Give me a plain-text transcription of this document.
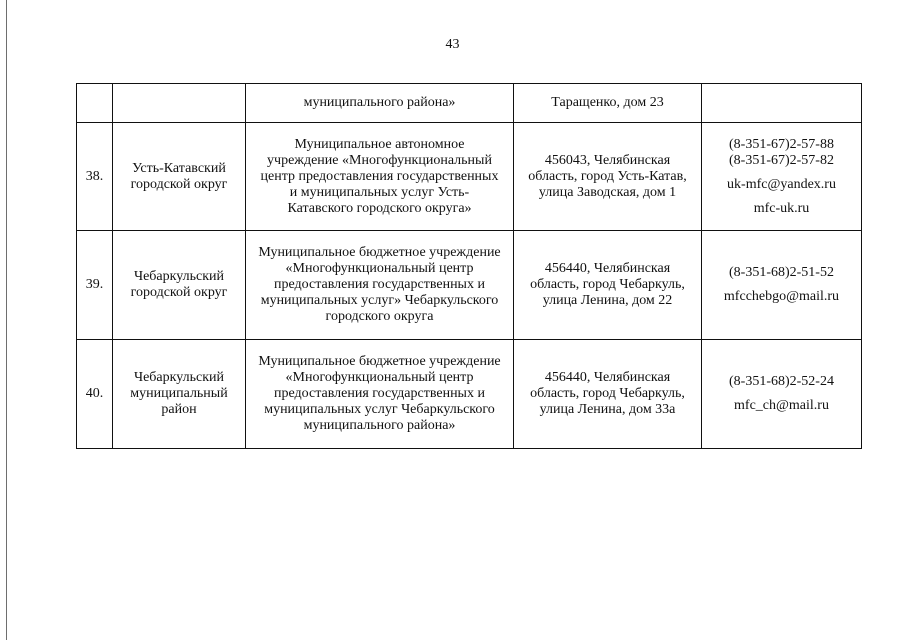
43

		муниципального района»	Таращенко, дом 23	

38.	Усть-Катавский
городской округ	Муниципальное автономное
учреждение «Многофункциональный
центр предоставления государственных
и муниципальных услуг Усть-
Катавского городского округа»	456043, Челябинская
область, город Усть-Катав,
улица Заводская, дом 1	(8-351-67)2-57-88
(8-351-67)2-57-82
uk-mfc@yandex.ru
mfc-uk.ru

39.	Чебаркульский
городской округ	Муниципальное бюджетное учреждение
«Многофункциональный центр
предоставления государственных и
муниципальных услуг» Чебаркульского
городского округа	456440, Челябинская
область, город Чебаркуль,
улица Ленина, дом 22	(8-351-68)2-51-52
mfcchebgo@mail.ru

40.	Чебаркульский
муниципальный
район	Муниципальное бюджетное учреждение
«Многофункциональный центр
предоставления государственных и
муниципальных услуг Чебаркульского
муниципального района»	456440, Челябинская
область, город Чебаркуль,
улица Ленина, дом 33а	(8-351-68)2-52-24
mfc_ch@mail.ru
